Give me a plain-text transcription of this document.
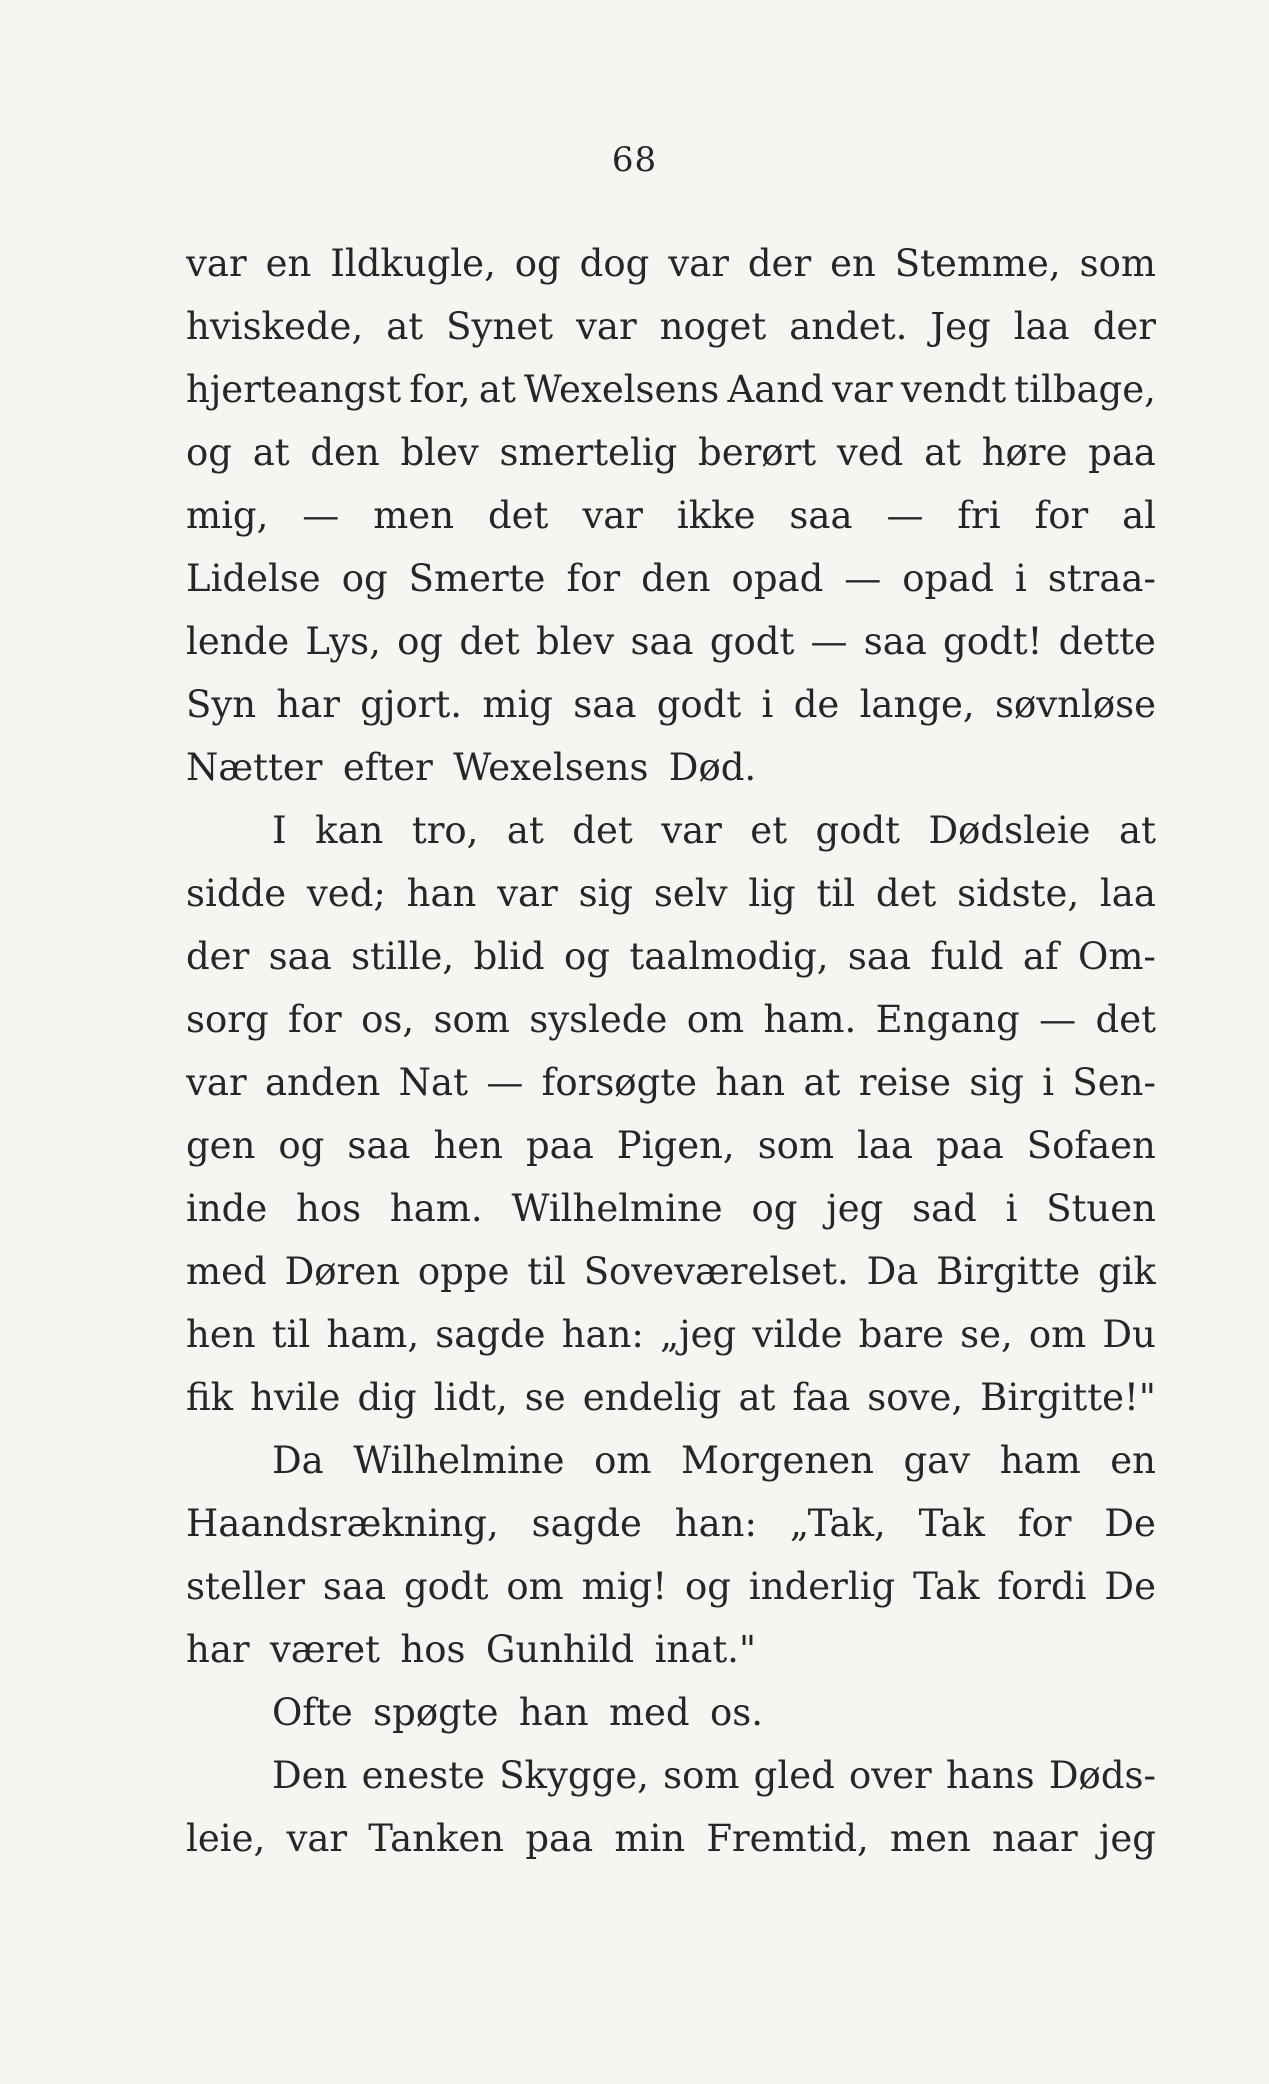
68
var en Ildkugle, og dog var der en Stemme, som
hviskede, at Synet var noget andet. Jeg laa der
hjerteangst for, at Wexelsens Aand var vendt tilbage,
og at den blev smertelig berørt ved at høre paa
mig, — men det var ikke saa — fri for al
Lidelse og Smerte for den opad — opad i straa-
lende Lys, og det blev saa godt — saa godt! dette
Syn har gjort. mig saa godt i de lange, søvnløse
Nætter efter Wexelsens Død.
I kan tro, at det var et godt Dødsleie at
sidde ved; han var sig selv lig til det sidste, laa
der saa stille, blid og taalmodig, saa fuld af Om-
sorg for os, som syslede om ham. Engang — det
var anden Nat — forsøgte han at reise sig i Sen-
gen og saa hen paa Pigen, som laa paa Sofaen
inde hos ham. Wilhelmine og jeg sad i Stuen
med Døren oppe til Soveværelset. Da Birgitte gik
hen til ham, sagde han: „jeg vilde bare se, om Du
fik hvile dig lidt, se endelig at faa sove, Birgitte!"
Da Wilhelmine om Morgenen gav ham en
Haandsrækning, sagde han: „Tak, Tak for De
steller saa godt om mig! og inderlig Tak fordi De
har været hos Gunhild inat."
Ofte spøgte han med os.
Den eneste Skygge, som gled over hans Døds-
leie, var Tanken paa min Fremtid, men naar jeg
